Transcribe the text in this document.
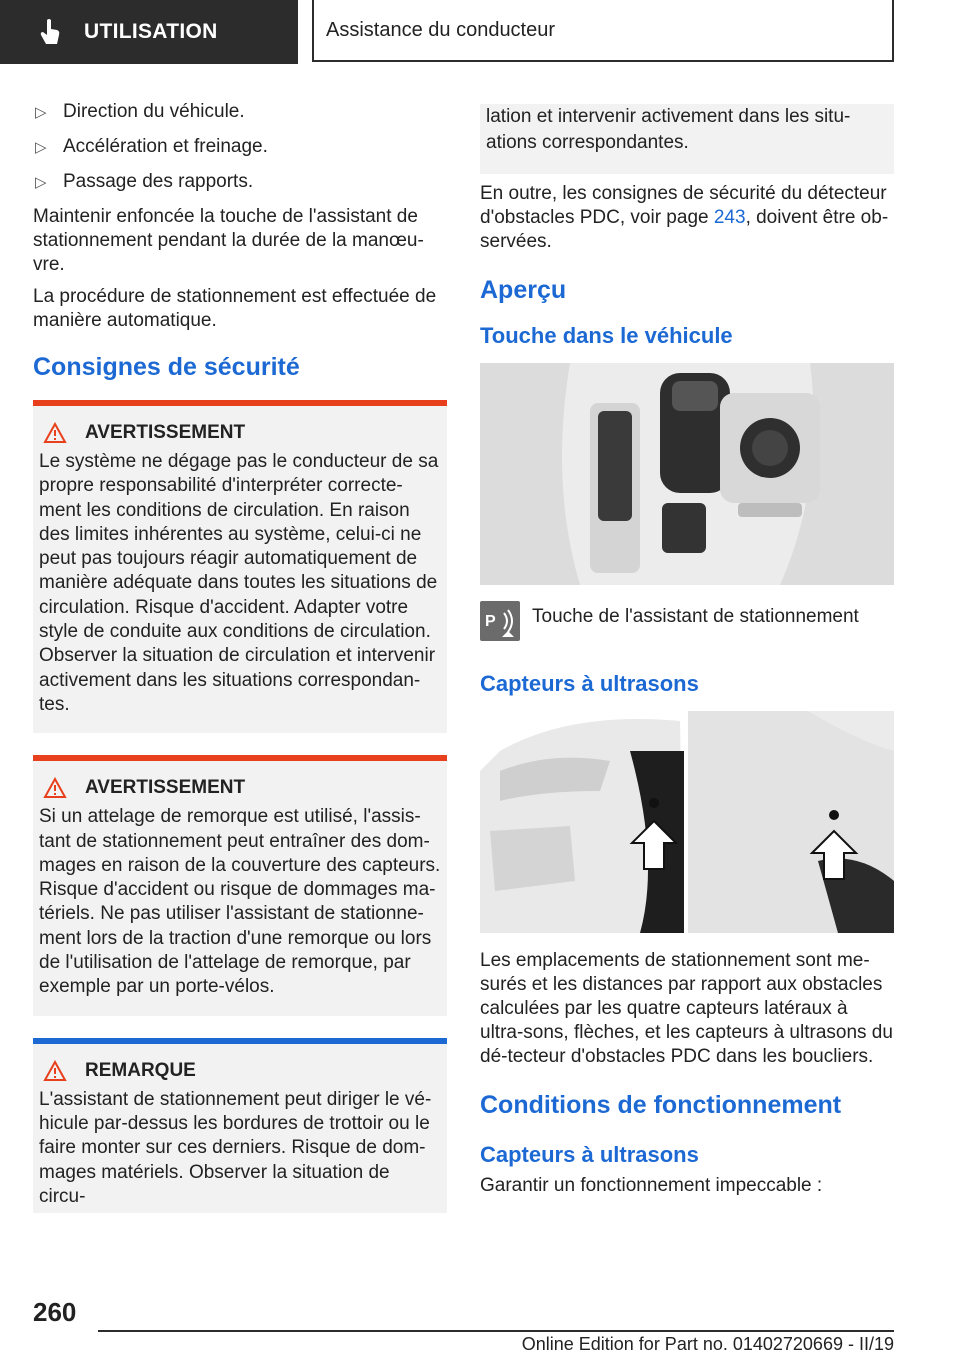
UTILISATION	Assistance du conducteur
▷ Direction du véhicule.
▷ Accélération et freinage.
▷ Passage des rapports.

Maintenir enfoncée la touche de l'assistant de stationnement pendant la durée de la manœu‐vre.

La procédure de stationnement est effectuée de manière automatique.

Consignes de sécurité
AVERTISSEMENT
Le système ne dégage pas le conducteur de sa propre responsabilité d'interpréter correcte‐ment les conditions de circulation. En raison des limites inhérentes au système, celui-ci ne peut pas toujours réagir automatiquement de manière adéquate dans toutes les situations de circulation. Risque d'accident. Adapter votre style de conduite aux conditions de circulation. Observer la situation de circulation et intervenir activement dans les situations correspondan‐tes.
AVERTISSEMENT
Si un attelage de remorque est utilisé, l'assis‐tant de stationnement peut entraîner des dom‐mages en raison de la couverture des capteurs. Risque d'accident ou risque de dommages ma‐tériels. Ne pas utiliser l'assistant de stationne‐ment lors de la traction d'une remorque ou lors de l'utilisation de l'attelage de remorque, par exemple par un porte-vélos.
REMARQUE
L'assistant de stationnement peut diriger le vé‐hicule par-dessus les bordures de trottoir ou le faire monter sur ces derniers. Risque de dom‐mages matériels. Observer la situation de circu‐
lation et intervenir activement dans les situ‐ations correspondantes.

En outre, les consignes de sécurité du détecteur d'obstacles PDC, voir page 243, doivent être ob‐servées.

Aperçu
Touche dans le véhicule
P Touche de l'assistant de stationnement
Capteurs à ultrasons

Les emplacements de stationnement sont me‐surés et les distances par rapport aux obstacles calculées par les quatre capteurs latéraux à ultra‐sons, flèches, et les capteurs à ultrasons du dé‐tecteur d'obstacles PDC dans les boucliers.

Conditions de fonctionnement
Capteurs à ultrasons

Garantir un fonctionnement impeccable :

260
Online Edition for Part no. 01402720669 - II/19
